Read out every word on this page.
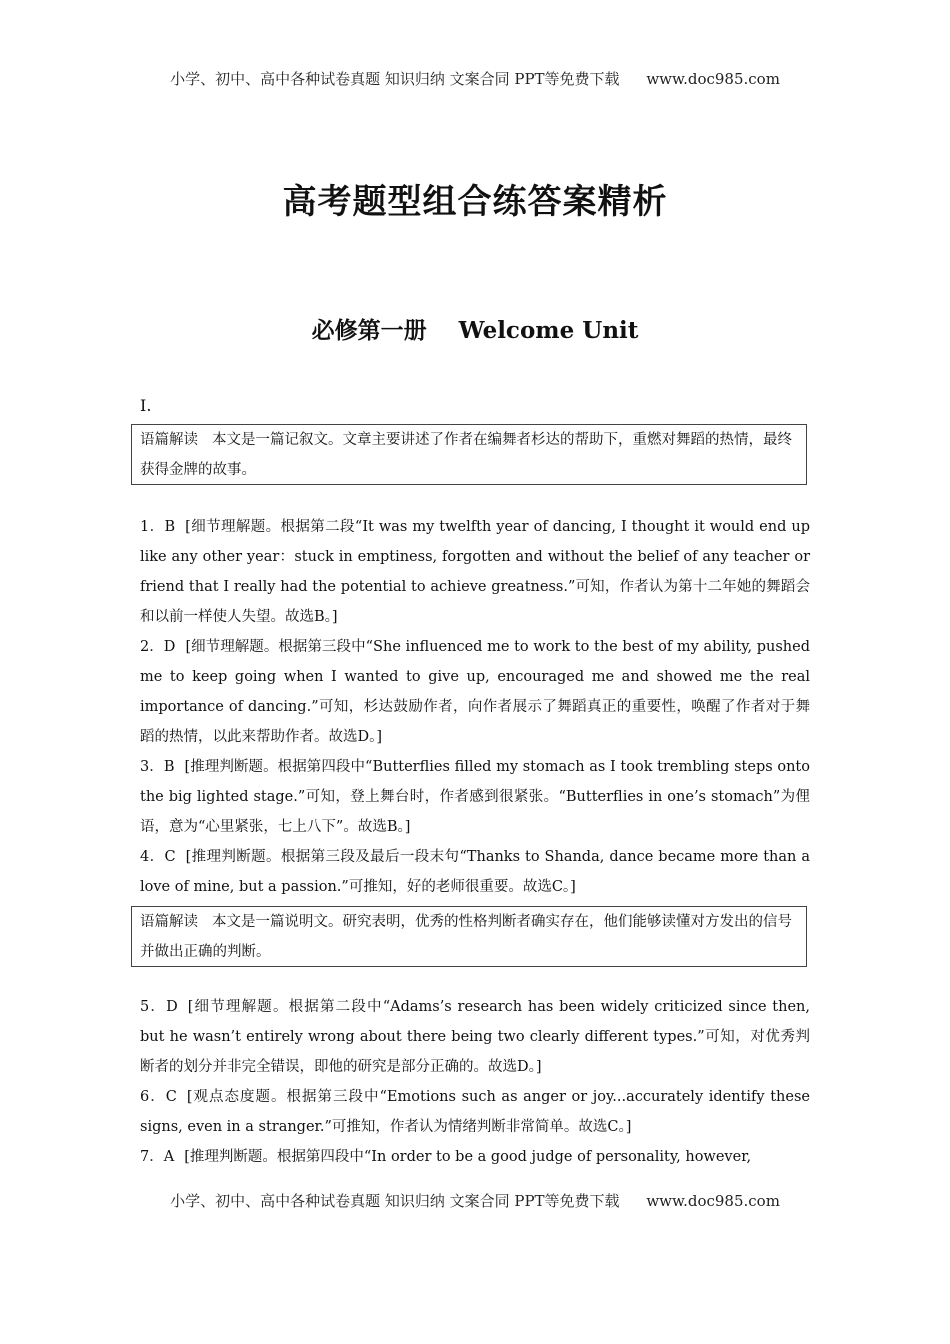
小学、初中、高中各种试卷真题 知识归纳 文案合同 PPT等免费下载 www.doc985.com
高考题型组合练答案精析
必修第一册 Welcome Unit
Ⅰ.
语篇解读 本文是一篇记叙文。文章主要讲述了作者在编舞者杉达的帮助下，重燃对舞蹈的热情，最终获得金牌的故事。

1．B [细节理解题。根据第二段“It was my twelfth year of dancing, I thought it would end up like any other year：stuck in emptiness, forgotten and without the belief of any teacher or friend that I really had the potential to achieve greatness.”可知，作者认为第十二年她的舞蹈会和以前一样使人失望。故选B。]

2．D [细节理解题。根据第三段中“She influenced me to work to the best of my ability, pushed me to keep going when I wanted to give up, encouraged me and showed me the real importance of dancing.”可知，杉达鼓励作者，向作者展示了舞蹈真正的重要性，唤醒了作者对于舞蹈的热情，以此来帮助作者。故选D。]

3．B [推理判断题。根据第四段中“Butterflies filled my stomach as I took trembling steps onto the big lighted stage.”可知，登上舞台时，作者感到很紧张。“Butterflies in one’s stomach”为俚语，意为“心里紧张，七上八下”。故选B。]

4．C [推理判断题。根据第三段及最后一段末句“Thanks to Shanda, dance became more than a love of mine, but a passion.”可推知，好的老师很重要。故选C。]

语篇解读 本文是一篇说明文。研究表明，优秀的性格判断者确实存在，他们能够读懂对方发出的信号并做出正确的判断。

5．D [细节理解题。根据第二段中“Adams’s research has been widely criticized since then, but he wasn’t entirely wrong about there being two clearly different types.”可知，对优秀判断者的划分并非完全错误，即他的研究是部分正确的。故选D。]

6．C [观点态度题。根据第三段中“Emotions such as anger or joy...accurately identify these signs, even in a stranger.”可推知，作者认为情绪判断非常简单。故选C。]

7．A [推理判断题。根据第四段中“In order to be a good judge of personality, however,

小学、初中、高中各种试卷真题 知识归纳 文案合同 PPT等免费下载 www.doc985.com
